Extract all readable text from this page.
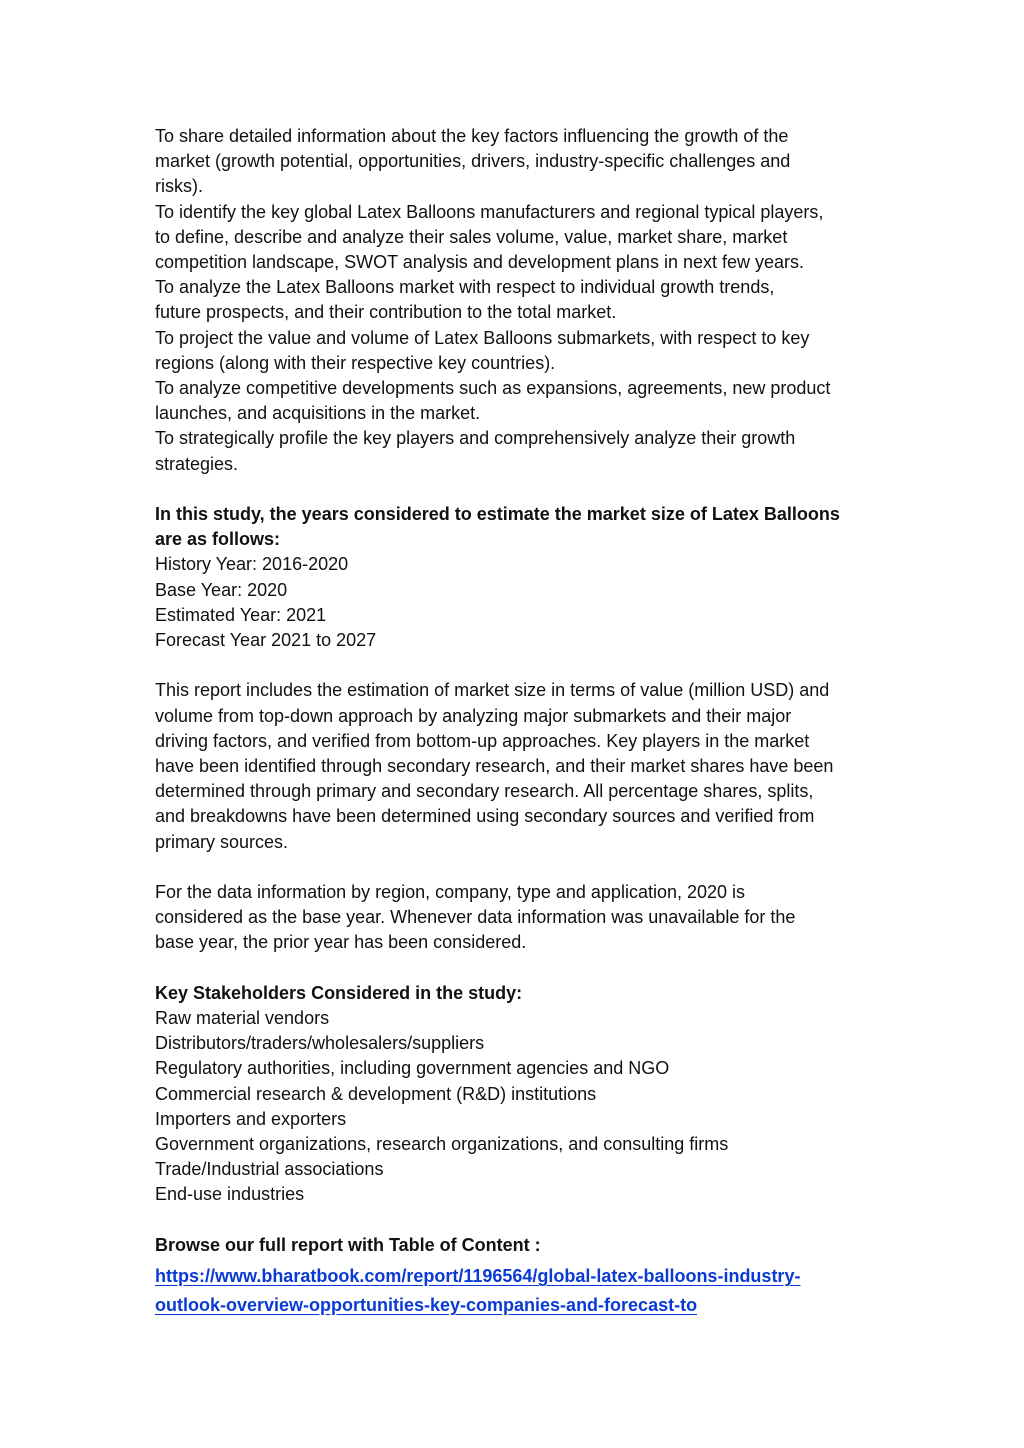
To share detailed information about the key factors influencing the growth of the
market (growth potential, opportunities, drivers, industry-specific challenges and
risks).
To identify the key global Latex Balloons manufacturers and regional typical players,
to define, describe and analyze their sales volume, value, market share, market
competition landscape, SWOT analysis and development plans in next few years.
To analyze the Latex Balloons market with respect to individual growth trends,
future prospects, and their contribution to the total market.
To project the value and volume of Latex Balloons submarkets, with respect to key
regions (along with their respective key countries).
To analyze competitive developments such as expansions, agreements, new product
launches, and acquisitions in the market.
To strategically profile the key players and comprehensively analyze their growth
strategies.
In this study, the years considered to estimate the market size of Latex Balloons
are as follows:
History Year: 2016-2020
Base Year: 2020
Estimated Year: 2021
Forecast Year 2021 to 2027
This report includes the estimation of market size in terms of value (million USD) and
volume from top-down approach by analyzing major submarkets and their major
driving factors, and verified from bottom-up approaches. Key players in the market
have been identified through secondary research, and their market shares have been
determined through primary and secondary research. All percentage shares, splits,
and breakdowns have been determined using secondary sources and verified from
primary sources.
For the data information by region, company, type and application, 2020 is
considered as the base year. Whenever data information was unavailable for the
base year, the prior year has been considered.
Key Stakeholders Considered in the study:
Raw material vendors
Distributors/traders/wholesalers/suppliers
Regulatory authorities, including government agencies and NGO
Commercial research & development (R&D) institutions
Importers and exporters
Government organizations, research organizations, and consulting firms
Trade/Industrial associations
End-use industries
Browse our full report with Table of Content :
https://www.bharatbook.com/report/1196564/global-latex-balloons-industry-
outlook-overview-opportunities-key-companies-and-forecast-to
